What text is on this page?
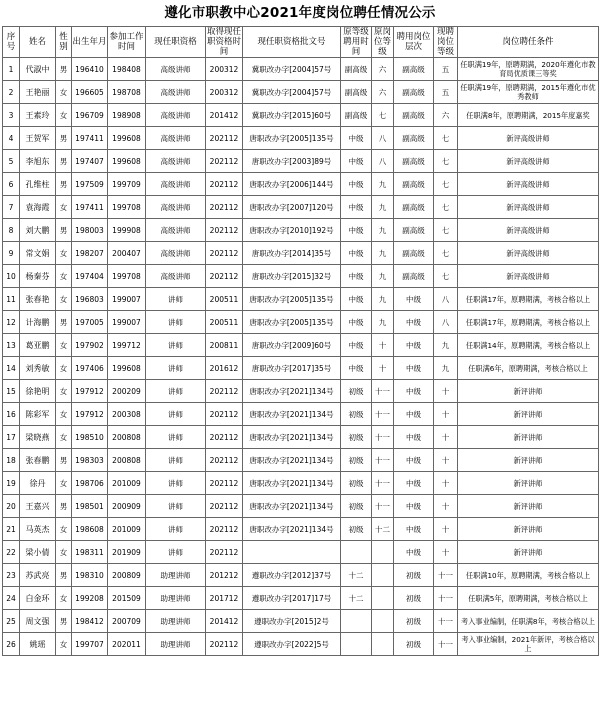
遵化市职教中心2021年度岗位聘任情况公示
序号	姓名	性别	出生年月	参加工作时间	现任职资格	取得现任职资格时间	现任职资格批文号	原等级聘用时间	原岗位等级	聘用岗位层次	现聘岗位等级	岗位聘任条件
1	代淑中	男	196410	198408	高级讲师	200312	冀职改办字[2004]57号	副高级	六	副高级	五	任职满19年，原聘期满，2020年遵化市教育局优质课三等奖
2	王艳丽	女	196605	198708	高级讲师	200312	冀职改办字[2004]57号	副高级	六	副高级	五	任职满19年，原聘期满，2015年遵化市优秀教师
3	王素玲	女	196709	198908	高级讲师	201412	冀职改办字[2015]60号	副高级	七	副高级	六	任职满8年，原聘期满，2015年度嘉奖
4	王贺军	男	197411	199608	高级讲师	202112	唐职改办字[2005]135号	中级	八	副高级	七	新评高级讲师
5	李旭东	男	197407	199608	高级讲师	202112	唐职改办字[2003]89号	中级	八	副高级	七	新评高级讲师
6	孔维柱	男	197509	199709	高级讲师	202112	唐职改办字[2006]144号	中级	九	副高级	七	新评高级讲师
7	袁海霞	女	197411	199708	高级讲师	202112	唐职改办字[2007]120号	中级	九	副高级	七	新评高级讲师
8	刘大鹏	男	198003	199908	高级讲师	202112	唐职改办字[2010]192号	中级	九	副高级	七	新评高级讲师
9	常文娟	女	198207	200407	高级讲师	202112	唐职改办字[2014]35号	中级	九	副高级	七	新评高级讲师
10	杨秦芬	女	197404	199708	高级讲师	202112	唐职改办字[2015]32号	中级	九	副高级	七	新评高级讲师
11	张春艳	女	196803	199007	讲师	200511	唐职改办字[2005]135号	中级	九	中级	八	任职满17年，原聘期满，考核合格以上
12	计海鹏	男	197005	199007	讲师	200511	唐职改办字[2005]135号	中级	九	中级	八	任职满17年，原聘期满，考核合格以上
13	葛亚鹏	女	197902	199712	讲师	200811	唐职改办字[2009]60号	中级	十	中级	九	任职满14年，原聘期满，考核合格以上
14	刘秀敏	女	197406	199608	讲师	201612	唐职改办字[2017]35号	中级	十	中级	九	任职满6年，原聘期满，考核合格以上
15	徐艳明	女	197912	200209	讲师	202112	唐职改办字[2021]134号	初级	十一	中级	十	新评讲师
16	陈彩军	女	197912	200308	讲师	202112	唐职改办字[2021]134号	初级	十一	中级	十	新评讲师
17	梁晓燕	女	198510	200808	讲师	202112	唐职改办字[2021]134号	初级	十一	中级	十	新评讲师
18	张春鹏	男	198303	200808	讲师	202112	唐职改办字[2021]134号	初级	十一	中级	十	新评讲师
19	徐丹	女	198706	201009	讲师	202112	唐职改办字[2021]134号	初级	十一	中级	十	新评讲师
20	王嘉兴	男	198501	200909	讲师	202112	唐职改办字[2021]134号	初级	十一	中级	十	新评讲师
21	马英杰	女	198608	201009	讲师	202112	唐职改办字[2021]134号	初级	十二	中级	十	新评讲师
22	梁小倩	女	198311	201909	讲师	202112				中级	十	新评讲师
23	苏武亮	男	198310	200809	助理讲师	201212	遵职改办字[2012]37号	十二		初级	十一	任职满10年，原聘期满，考核合格以上
24	白金环	女	199208	201509	助理讲师	201712	遵职改办字[2017]17号	十二		初级	十一	任职满5年，原聘期满，考核合格以上
25	周文强	男	198412	200709	助理讲师	201412	遵职改办字[2015]2号			初级	十一	考入事业编制，任职满8年，考核合格以上
26	姚瑶	女	199707	202011	助理讲师	202112	遵职改办字[2022]5号			初级	十一	考入事业编制，2021年新评，考核合格以上
